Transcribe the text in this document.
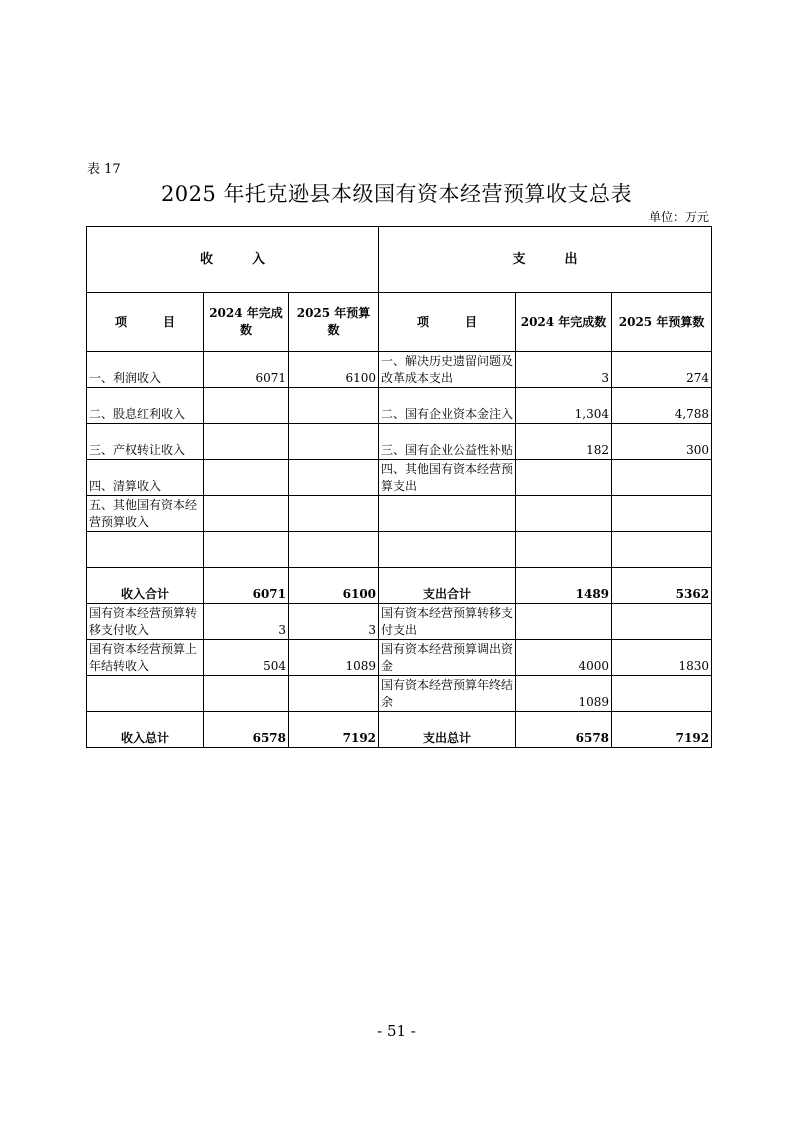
表 17
2025 年托克逊县本级国有资本经营预算收支总表
单位：万元
收　　　入			支　　　出		
项　　　目	2024 年完成数	2025 年预算数	项　　　目	2024 年完成数	2025 年预算数
一、利润收入	6071	6100	一、解决历史遗留问题及改革成本支出	3	274
二、股息红利收入			二、国有企业资本金注入	1,304	4,788
三、产权转让收入			三、国有企业公益性补贴	182	300
四、清算收入			四、其他国有资本经营预算支出		
五、其他国有资本经营预算收入					

收入合计	6071	6100	支出合计	1489	5362
国有资本经营预算转移支付收入	3	3	国有资本经营预算转移支付支出		
国有资本经营预算上年结转收入	504	1089	国有资本经营预算调出资金	4000	1830
			国有资本经营预算年终结余	1089	
收入总计	6578	7192	支出总计	6578	7192
- 51 -
